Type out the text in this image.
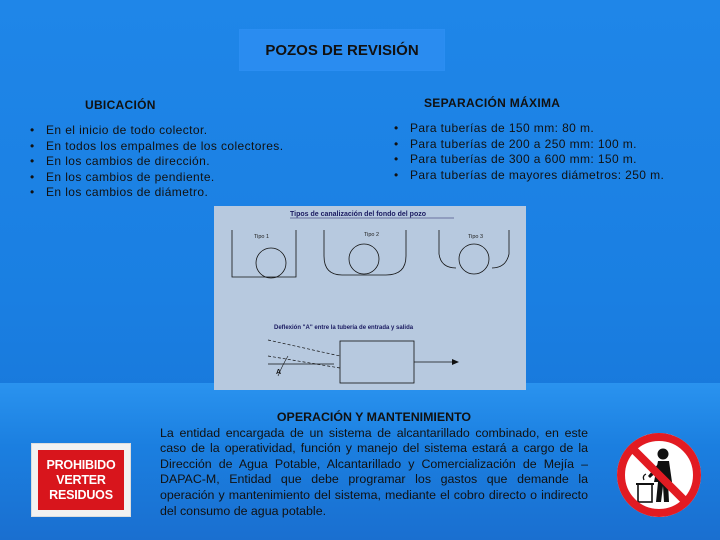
POZOS DE REVISIÓN
UBICACIÓN
• En el inicio de todo colector.
• En todos los empalmes de los colectores.
• En los cambios de dirección.
• En los cambios de pendiente.
• En los cambios de diámetro.
SEPARACIÓN MÁXIMA
• Para tuberías de 150 mm: 80 m.
• Para tuberías de 200 a 250 mm: 100 m.
• Para tuberías de 300 a 600 mm: 150 m.
• Para tuberías de mayores diámetros: 250 m.
Tipos de canalización del fondo del pozo
Tipo 1	Tipo 2	Tipo 3
Deflexión "A" entre la tubería de entrada y salida
A
OPERACIÓN Y MANTENIMIENTO
La entidad encargada de un sistema de alcantarillado combinado, en este caso de la operatividad, función y manejo del sistema estará a cargo de la Dirección de Agua Potable, Alcantarillado y Comercialización de Mejía – DAPAC-M, Entidad que debe programar los gastos que demande la operación y mantenimiento del sistema, mediante el cobro directo o indirecto del consumo de agua potable.
PROHIBIDO
VERTER
RESIDUOS
